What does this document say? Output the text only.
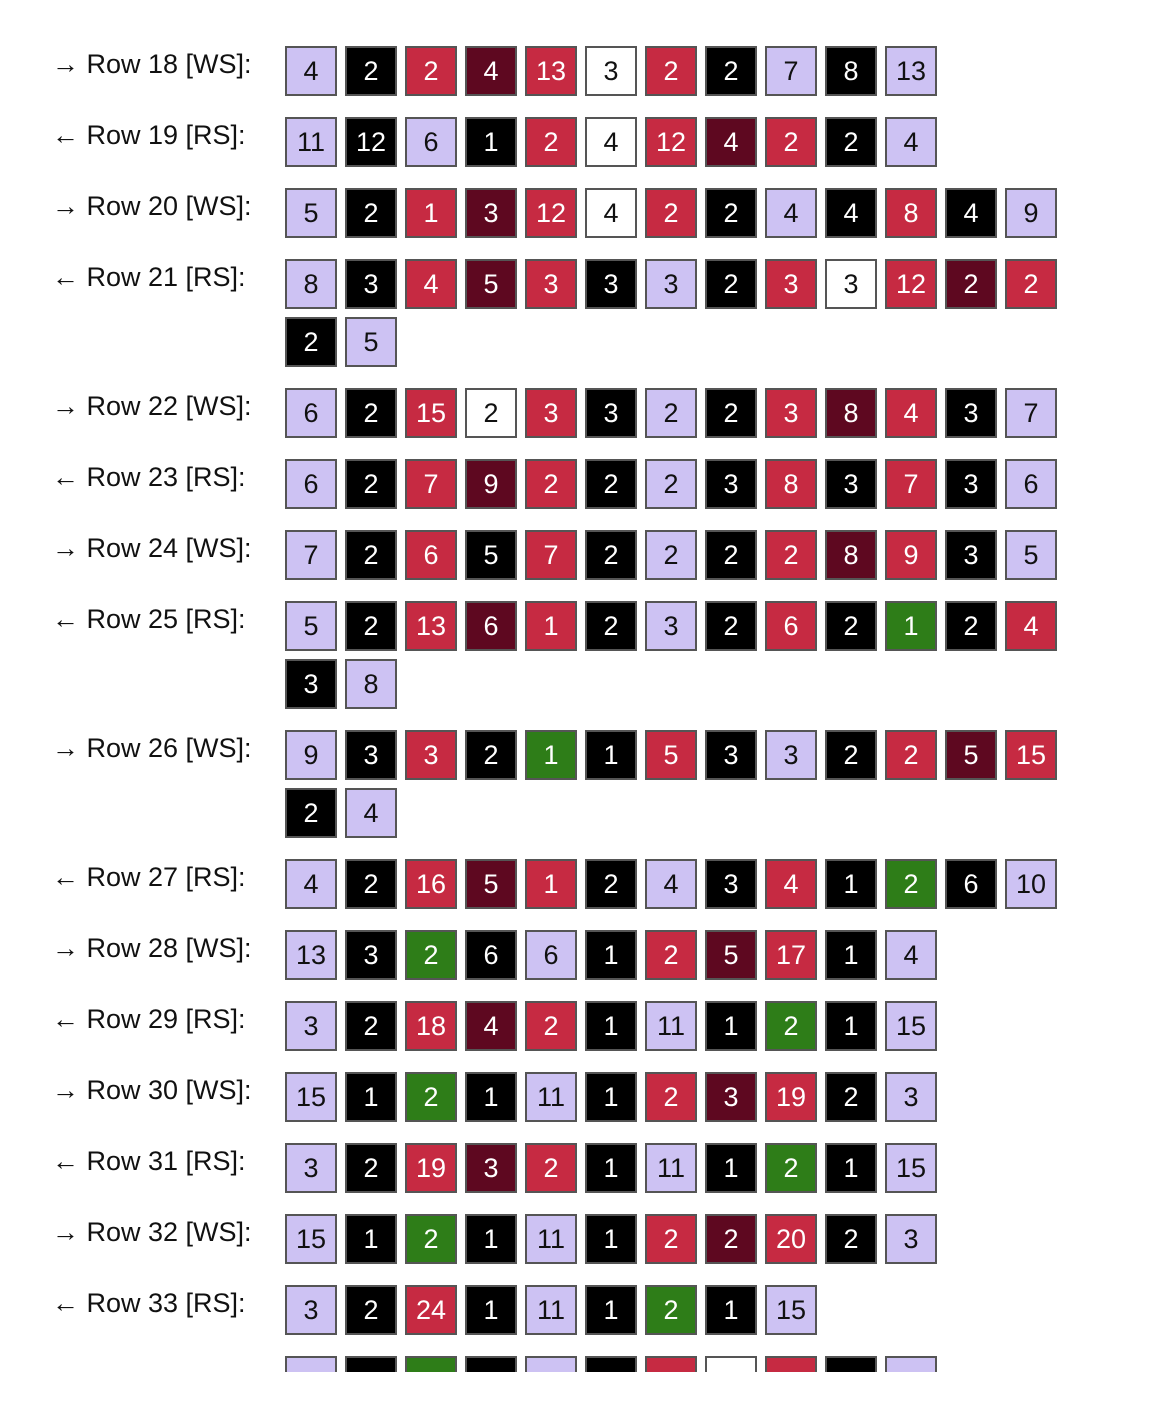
→ Row 18 [WS]:	4	2	2	4	13	3	2	2	7	8	13
← Row 19 [RS]:	11	12	6	1	2	4	12	4	2	2	4
→ Row 20 [WS]:	5	2	1	3	12	4	2	2	4	4	8	4	9
← Row 21 [RS]:	8	3	4	5	3	3	3	2	3	3	12	2	2
2	5
→ Row 22 [WS]:	6	2	15	2	3	3	2	2	3	8	4	3	7
← Row 23 [RS]:	6	2	7	9	2	2	2	3	8	3	7	3	6
→ Row 24 [WS]:	7	2	6	5	7	2	2	2	2	8	9	3	5
← Row 25 [RS]:	5	2	13	6	1	2	3	2	6	2	1	2	4
3	8
→ Row 26 [WS]:	9	3	3	2	1	1	5	3	3	2	2	5	15
2	4
← Row 27 [RS]:	4	2	16	5	1	2	4	3	4	1	2	6	10
→ Row 28 [WS]:	13	3	2	6	6	1	2	5	17	1	4
← Row 29 [RS]:	3	2	18	4	2	1	11	1	2	1	15
→ Row 30 [WS]:	15	1	2	1	11	1	2	3	19	2	3
← Row 31 [RS]:	3	2	19	3	2	1	11	1	2	1	15
→ Row 32 [WS]:	15	1	2	1	11	1	2	2	20	2	3
← Row 33 [RS]:	3	2	24	1	11	1	2	1	15
